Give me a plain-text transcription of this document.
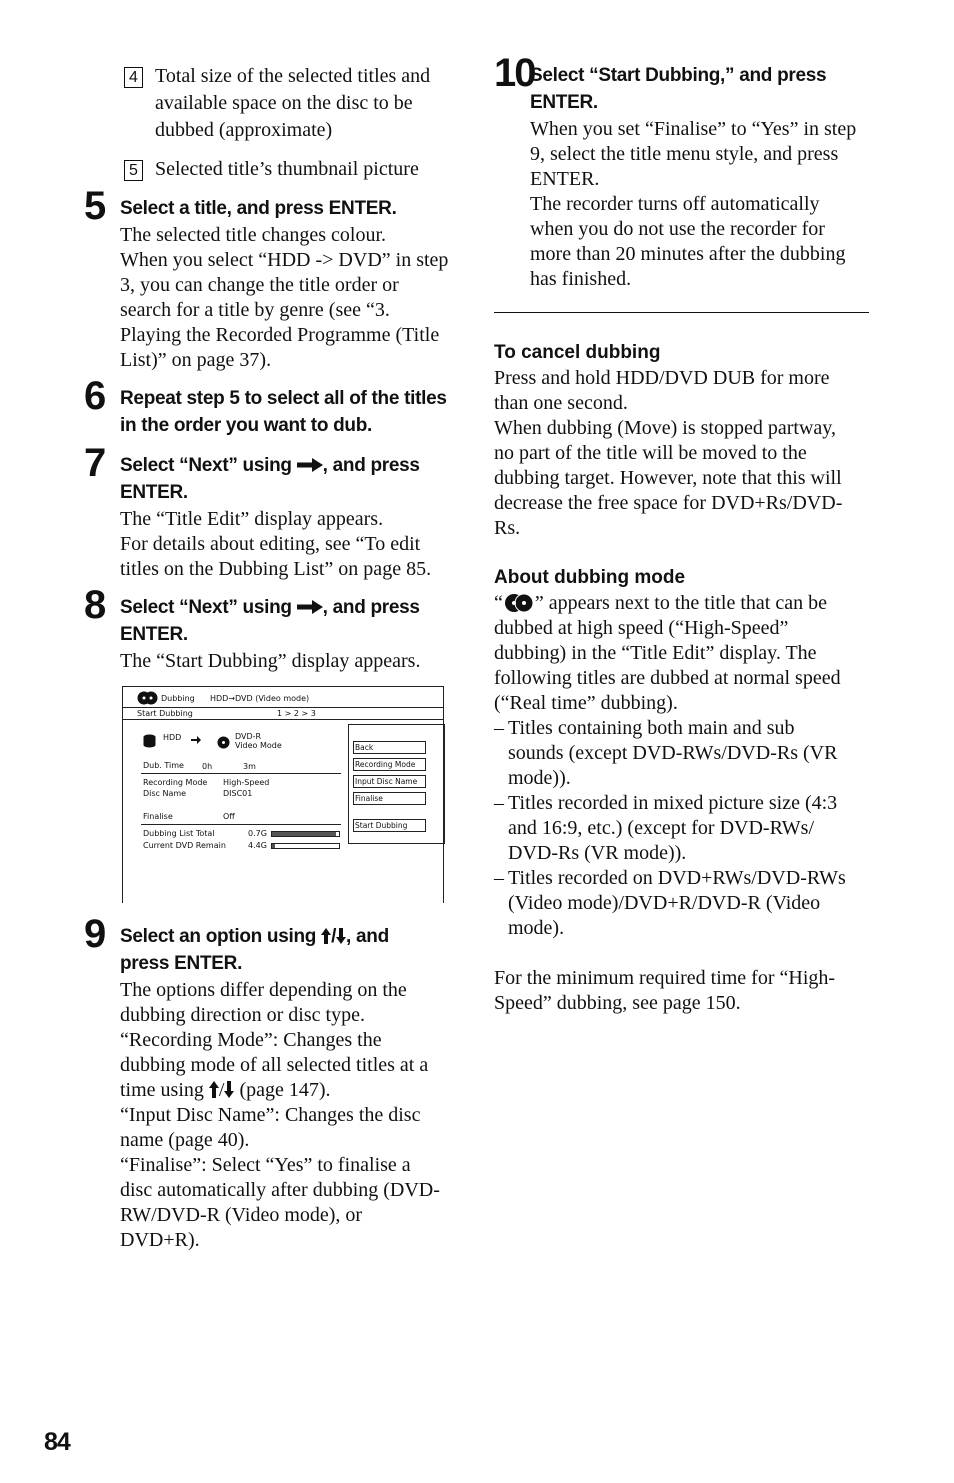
4 Total size of the selected titles and

available space on the disc to be

dubbed (approximate)

5 Selected title’s thumbnail picture

5 Select a title, and press ENTER.

The selected title changes colour.

When you select “HDD -> DVD” in step

3, you can change the title order or

search for a title by genre (see “3.

Playing the Recorded Programme (Title

List)” on page 37).

6 Repeat step 5 to select all of the titles
in the order you want to dub.
7 Select “Next” using , and press
ENTER.

The “Title Edit” display appears.

For details about editing, see “To edit

titles on the Dubbing List” on page 85.

8 Select “Next” using , and press
ENTER.

The “Start Dubbing” display appears.

Dubbing HDD→DVD (Video mode)
Start Dubbing	1 > 2 > 3
HDD	DVD-R
Video Mode
Dub. Time 0h	3m
Recording Mode High-Speed
Disc Name	DISC01
Finalise	Off
Dubbing List Total	0.7G
Current DVD Remain	4.4G
Back
Recording Mode
Input Disc Name
Finalise
Start Dubbing
9 Select an option using / , and
press ENTER.

The options differ depending on the

dubbing direction or disc type.

“Recording Mode”: Changes the

dubbing mode of all selected titles at a

time using / (page 147).

“Input Disc Name”: Changes the disc

name (page 40).

“Finalise”: Select “Yes” to finalise a

disc automatically after dubbing (DVD-

RW/DVD-R (Video mode), or

DVD+R).

10
Select “Start Dubbing,” and press
ENTER.

When you set “Finalise” to “Yes” in step

9, select the title menu style, and press

ENTER.

The recorder turns off automatically

when you do not use the recorder for

more than 20 minutes after the dubbing

has finished.

To cancel dubbing

Press and hold HDD/DVD DUB for more

than one second.

When dubbing (Move) is stopped partway,

no part of the title will be moved to the

dubbing target. However, note that this will

decrease the free space for DVD+Rs/DVD-

Rs.

About dubbing mode

“ ” appears next to the title that can be

dubbed at high speed (“High-Speed”

dubbing) in the “Title Edit” display. The

following titles are dubbed at normal speed

(“Real time” dubbing).

– Titles containing both main and sub

sounds (except DVD-RWs/DVD-Rs (VR

mode)).

– Titles recorded in mixed picture size (4:3

and 16:9, etc.) (except for DVD-RWs/

DVD-Rs (VR mode)).

– Titles recorded on DVD+RWs/DVD-RWs

(Video mode)/DVD+R/DVD-R (Video

mode).

For the minimum required time for “High-

Speed” dubbing, see page 150.

84
